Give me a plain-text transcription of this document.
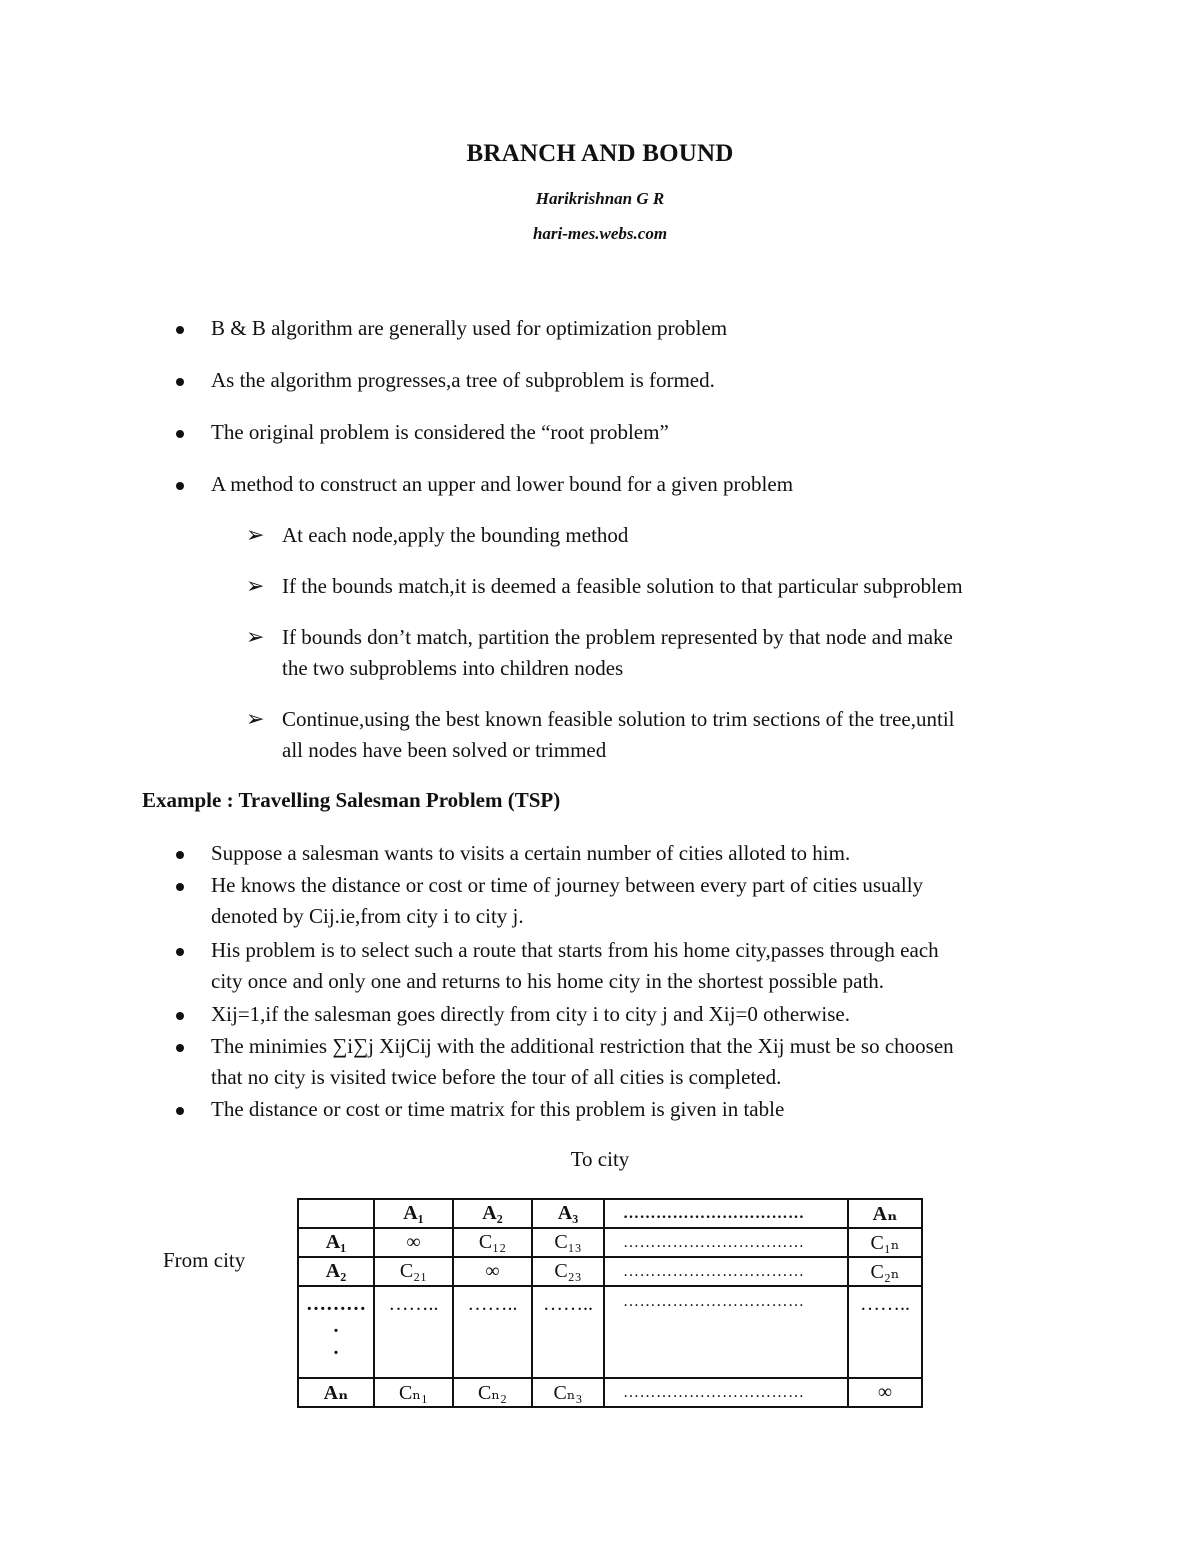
BRANCH AND BOUND
Harikrishnan G R
hari-mes.webs.com
B & B algorithm are generally used for optimization problem
As the algorithm progresses,a tree of subproblem is formed.
The original problem is considered the “root problem”
A method to construct an upper and lower bound for a given problem
➢ At each node,apply the bounding method
➢ If the bounds match,it is deemed a feasible solution to that particular subproblem
➢ If bounds don’t match, partition the problem represented by that node and make
the two subproblems into children nodes
➢ Continue,using the best known feasible solution to trim sections of the tree,until
all nodes have been solved or trimmed
Example : Travelling Salesman Problem (TSP)
Suppose a salesman wants to visits a certain number of cities alloted to him.
He knows the distance or cost or time of journey between every part of cities usually
denoted by Cij.ie,from city i to city j.
His problem is to select such a route that starts from his home city,passes through each
city once and only one and returns to his home city in the shortest possible path.
Xij=1,if the salesman goes directly from city i to city j and Xij=0 otherwise.
The minimies ∑i∑j XijCij with the additional restriction that the Xij must be so choosen
that no city is visited twice before the tour of all cities is completed.
The distance or cost or time matrix for this problem is given in table
To city
From city
	A₁	A₂	A₃	……………………………	Aₙ
A₁	∞	C₁₂	C₁₃	……………………………	C₁ₙ
A₂	C₂₁	∞	C₂₃	……………………………	C₂ₙ
………
.
.	……..	……..	……..	……………………………	……..
Aₙ	Cₙ₁	Cₙ₂	Cₙ₃	……………………………	∞
